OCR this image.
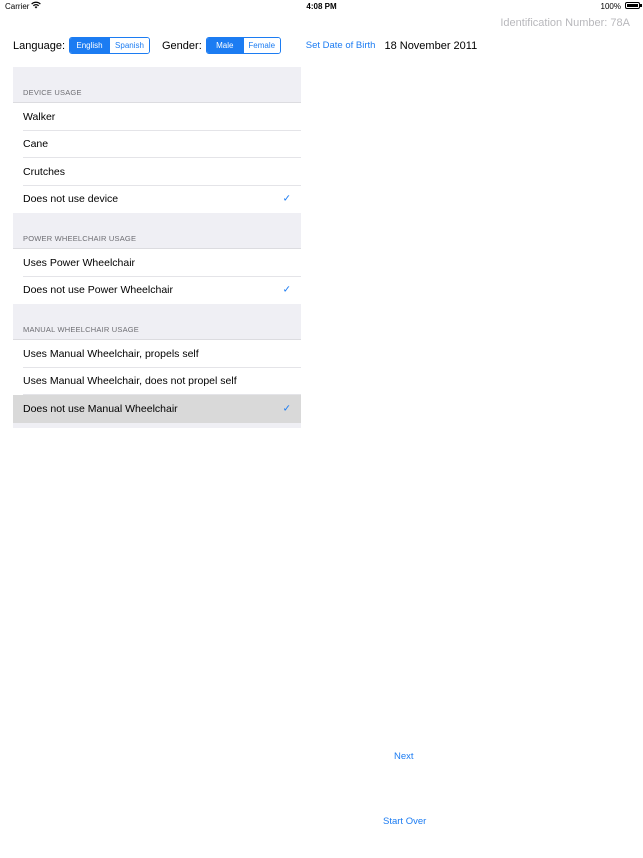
Carrier	4:08 PM	100%
Identification Number: 78A
Language:	English	Spanish	Gender:	Male	Female	Set Date of Birth 18 November 2011
DEVICE USAGE
Walker
Cane
Crutches
Does not use device	✓
POWER WHEELCHAIR USAGE
Uses Power Wheelchair
Does not use Power Wheelchair	✓
MANUAL WHEELCHAIR USAGE
Uses Manual Wheelchair, propels self
Uses Manual Wheelchair, does not propel self
Does not use Manual Wheelchair	✓
Next
Start Over
